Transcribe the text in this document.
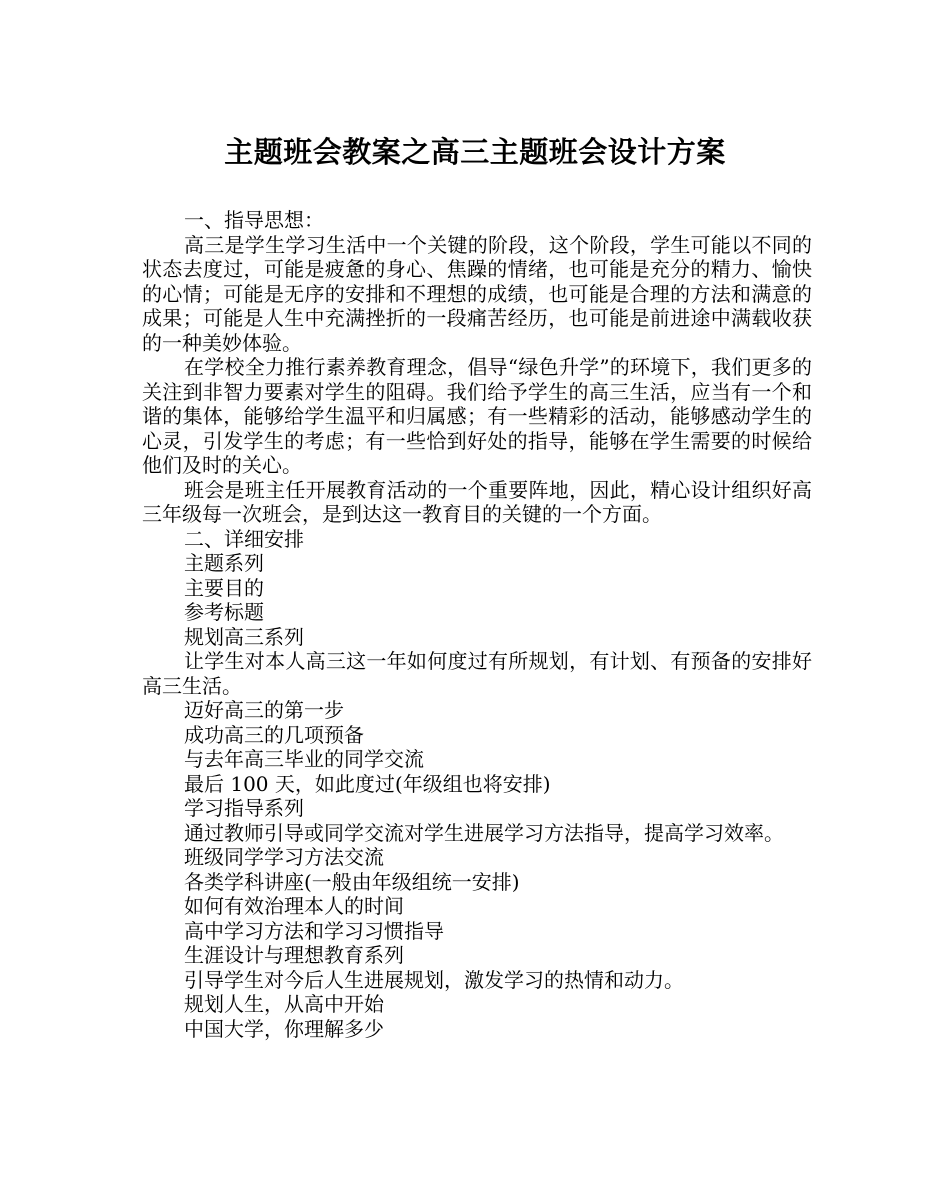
主题班会教案之高三主题班会设计方案

一、指导思想：

高三是学生学习生活中一个关键的阶段，这个阶段，学生可能以不同的状态去度过，可能是疲惫的身心、焦躁的情绪，也可能是充分的精力、愉快的心情；可能是无序的安排和不理想的成绩，也可能是合理的方法和满意的成果；可能是人生中充满挫折的一段痛苦经历，也可能是前进途中满载收获的一种美妙体验。

在学校全力推行素养教育理念，倡导“绿色升学”的环境下，我们更多的关注到非智力要素对学生的阻碍。我们给予学生的高三生活，应当有一个和谐的集体，能够给学生温平和归属感；有一些精彩的活动，能够感动学生的心灵，引发学生的考虑；有一些恰到好处的指导，能够在学生需要的时候给他们及时的关心。

班会是班主任开展教育活动的一个重要阵地，因此，精心设计组织好高三年级每一次班会，是到达这一教育目的关键的一个方面。

二、详细安排

主题系列

主要目的

参考标题

规划高三系列

让学生对本人高三这一年如何度过有所规划，有计划、有预备的安排好高三生活。

迈好高三的第一步

成功高三的几项预备

与去年高三毕业的同学交流

最后 100 天，如此度过(年级组也将安排)

学习指导系列

通过教师引导或同学交流对学生进展学习方法指导，提高学习效率。

班级同学学习方法交流

各类学科讲座(一般由年级组统一安排)

如何有效治理本人的时间

高中学习方法和学习习惯指导

生涯设计与理想教育系列

引导学生对今后人生进展规划，激发学习的热情和动力。

规划人生，从高中开始

中国大学，你理解多少
